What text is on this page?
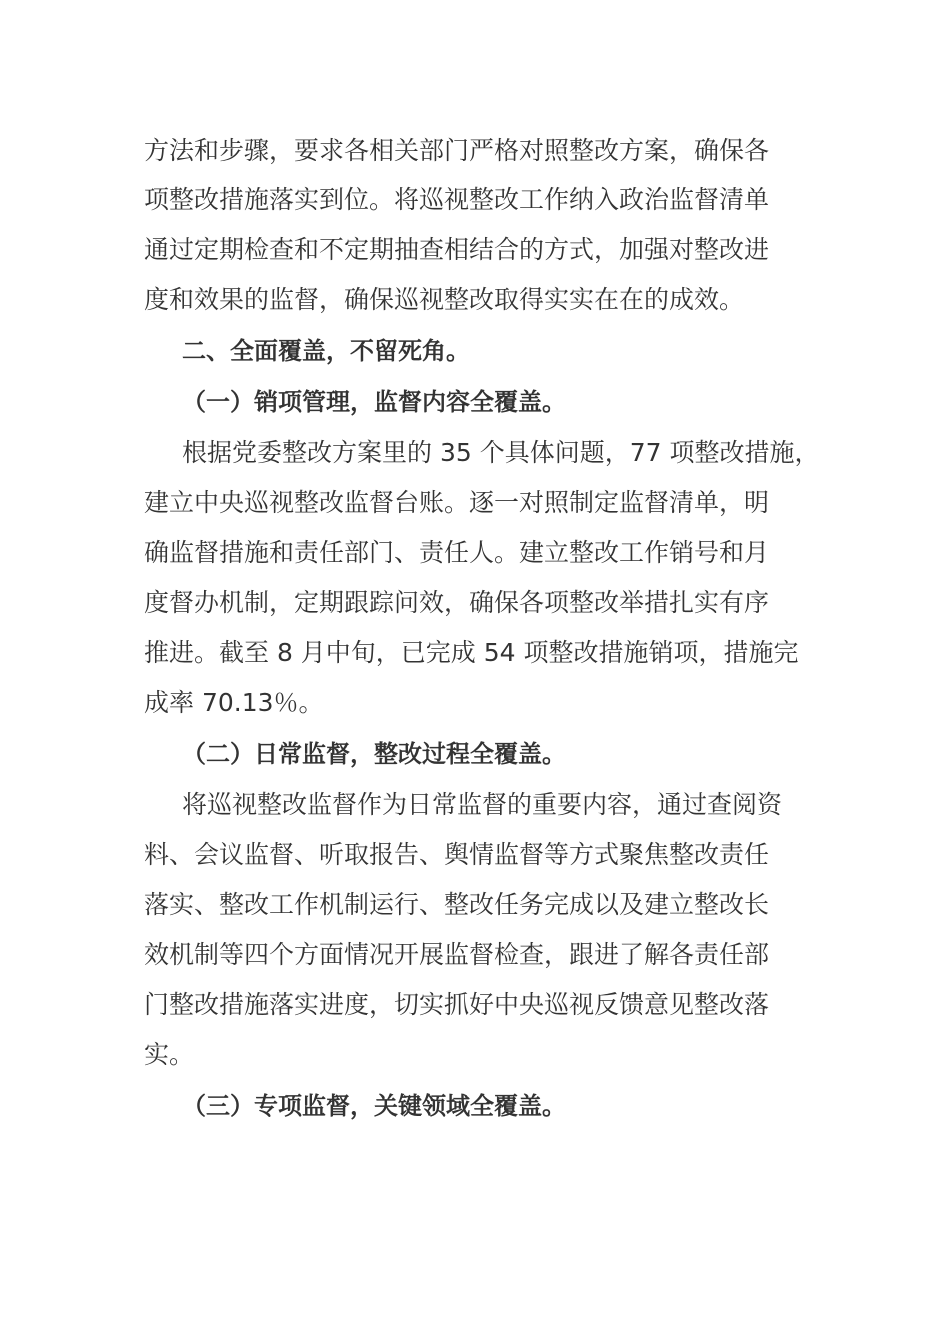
方法和步骤，要求各相关部门严格对照整改方案，确保各
项整改措施落实到位。将巡视整改工作纳入政治监督清单
通过定期检查和不定期抽查相结合的方式，加强对整改进
度和效果的监督，确保巡视整改取得实实在在的成效。
二、全面覆盖，不留死角。
（一）销项管理，监督内容全覆盖。
根据党委整改方案里的 35 个具体问题，77 项整改措施，
建立中央巡视整改监督台账。逐一对照制定监督清单，明
确监督措施和责任部门、责任人。建立整改工作销号和月
度督办机制，定期跟踪问效，确保各项整改举措扎实有序
推进。截至 8 月中旬，已完成 54 项整改措施销项，措施完
成率 70.13％。
（二）日常监督，整改过程全覆盖。
将巡视整改监督作为日常监督的重要内容，通过查阅资
料、会议监督、听取报告、舆情监督等方式聚焦整改责任
落实、整改工作机制运行、整改任务完成以及建立整改长
效机制等四个方面情况开展监督检查，跟进了解各责任部
门整改措施落实进度，切实抓好中央巡视反馈意见整改落
实。
（三）专项监督，关键领域全覆盖。
